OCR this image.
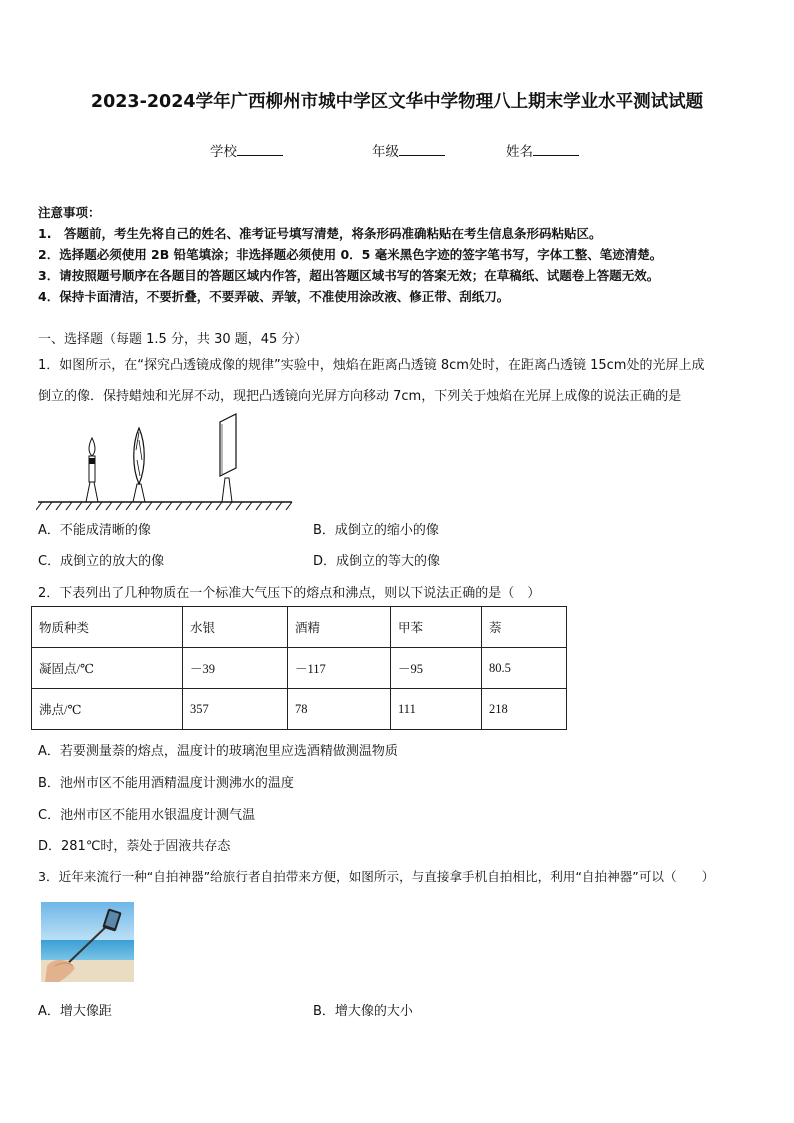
2023-2024学年广西柳州市城中学区文华中学物理八上期末学业水平测试试题
学校	年级	姓名
注意事项：
1.　答题前，考生先将自己的姓名、准考证号填写清楚，将条形码准确粘贴在考生信息条形码粘贴区。
2．选择题必须使用 2B 铅笔填涂；非选择题必须使用 0．5 毫米黑色字迹的签字笔书写，字体工整、笔迹清楚。
3．请按照题号顺序在各题目的答题区域内作答，超出答题区域书写的答案无效；在草稿纸、试题卷上答题无效。
4．保持卡面清洁，不要折叠，不要弄破、弄皱，不准使用涂改液、修正带、刮纸刀。
一、选择题（每题 1.5 分，共 30 题，45 分）
1．如图所示，在“探究凸透镜成像的规律”实验中，烛焰在距离凸透镜 8cm处时，在距离凸透镜 15cm处的光屏上成
倒立的像．保持蜡烛和光屏不动，现把凸透镜向光屏方向移动 7cm，下列关于烛焰在光屏上成像的说法正确的是
A．不能成清晰的像	B．成倒立的缩小的像
C．成倒立的放大的像	D．成倒立的等大的像
2．下表列出了几种物质在一个标准大气压下的熔点和沸点，则以下说法正确的是（　）
物质种类	水银	酒精	甲苯	萘
凝固点/℃	－39	－117	－95	80.5
沸点/℃	357	78	111	218
A．若要测量萘的熔点，温度计的玻璃泡里应选酒精做测温物质
B．池州市区不能用酒精温度计测沸水的温度
C．池州市区不能用水银温度计测气温
D．281℃时，萘处于固液共存态
3．近年来流行一种“自拍神器”给旅行者自拍带来方便，如图所示，与直接拿手机自拍相比，利用“自拍神器”可以（　　）
A．增大像距	B．增大像的大小
